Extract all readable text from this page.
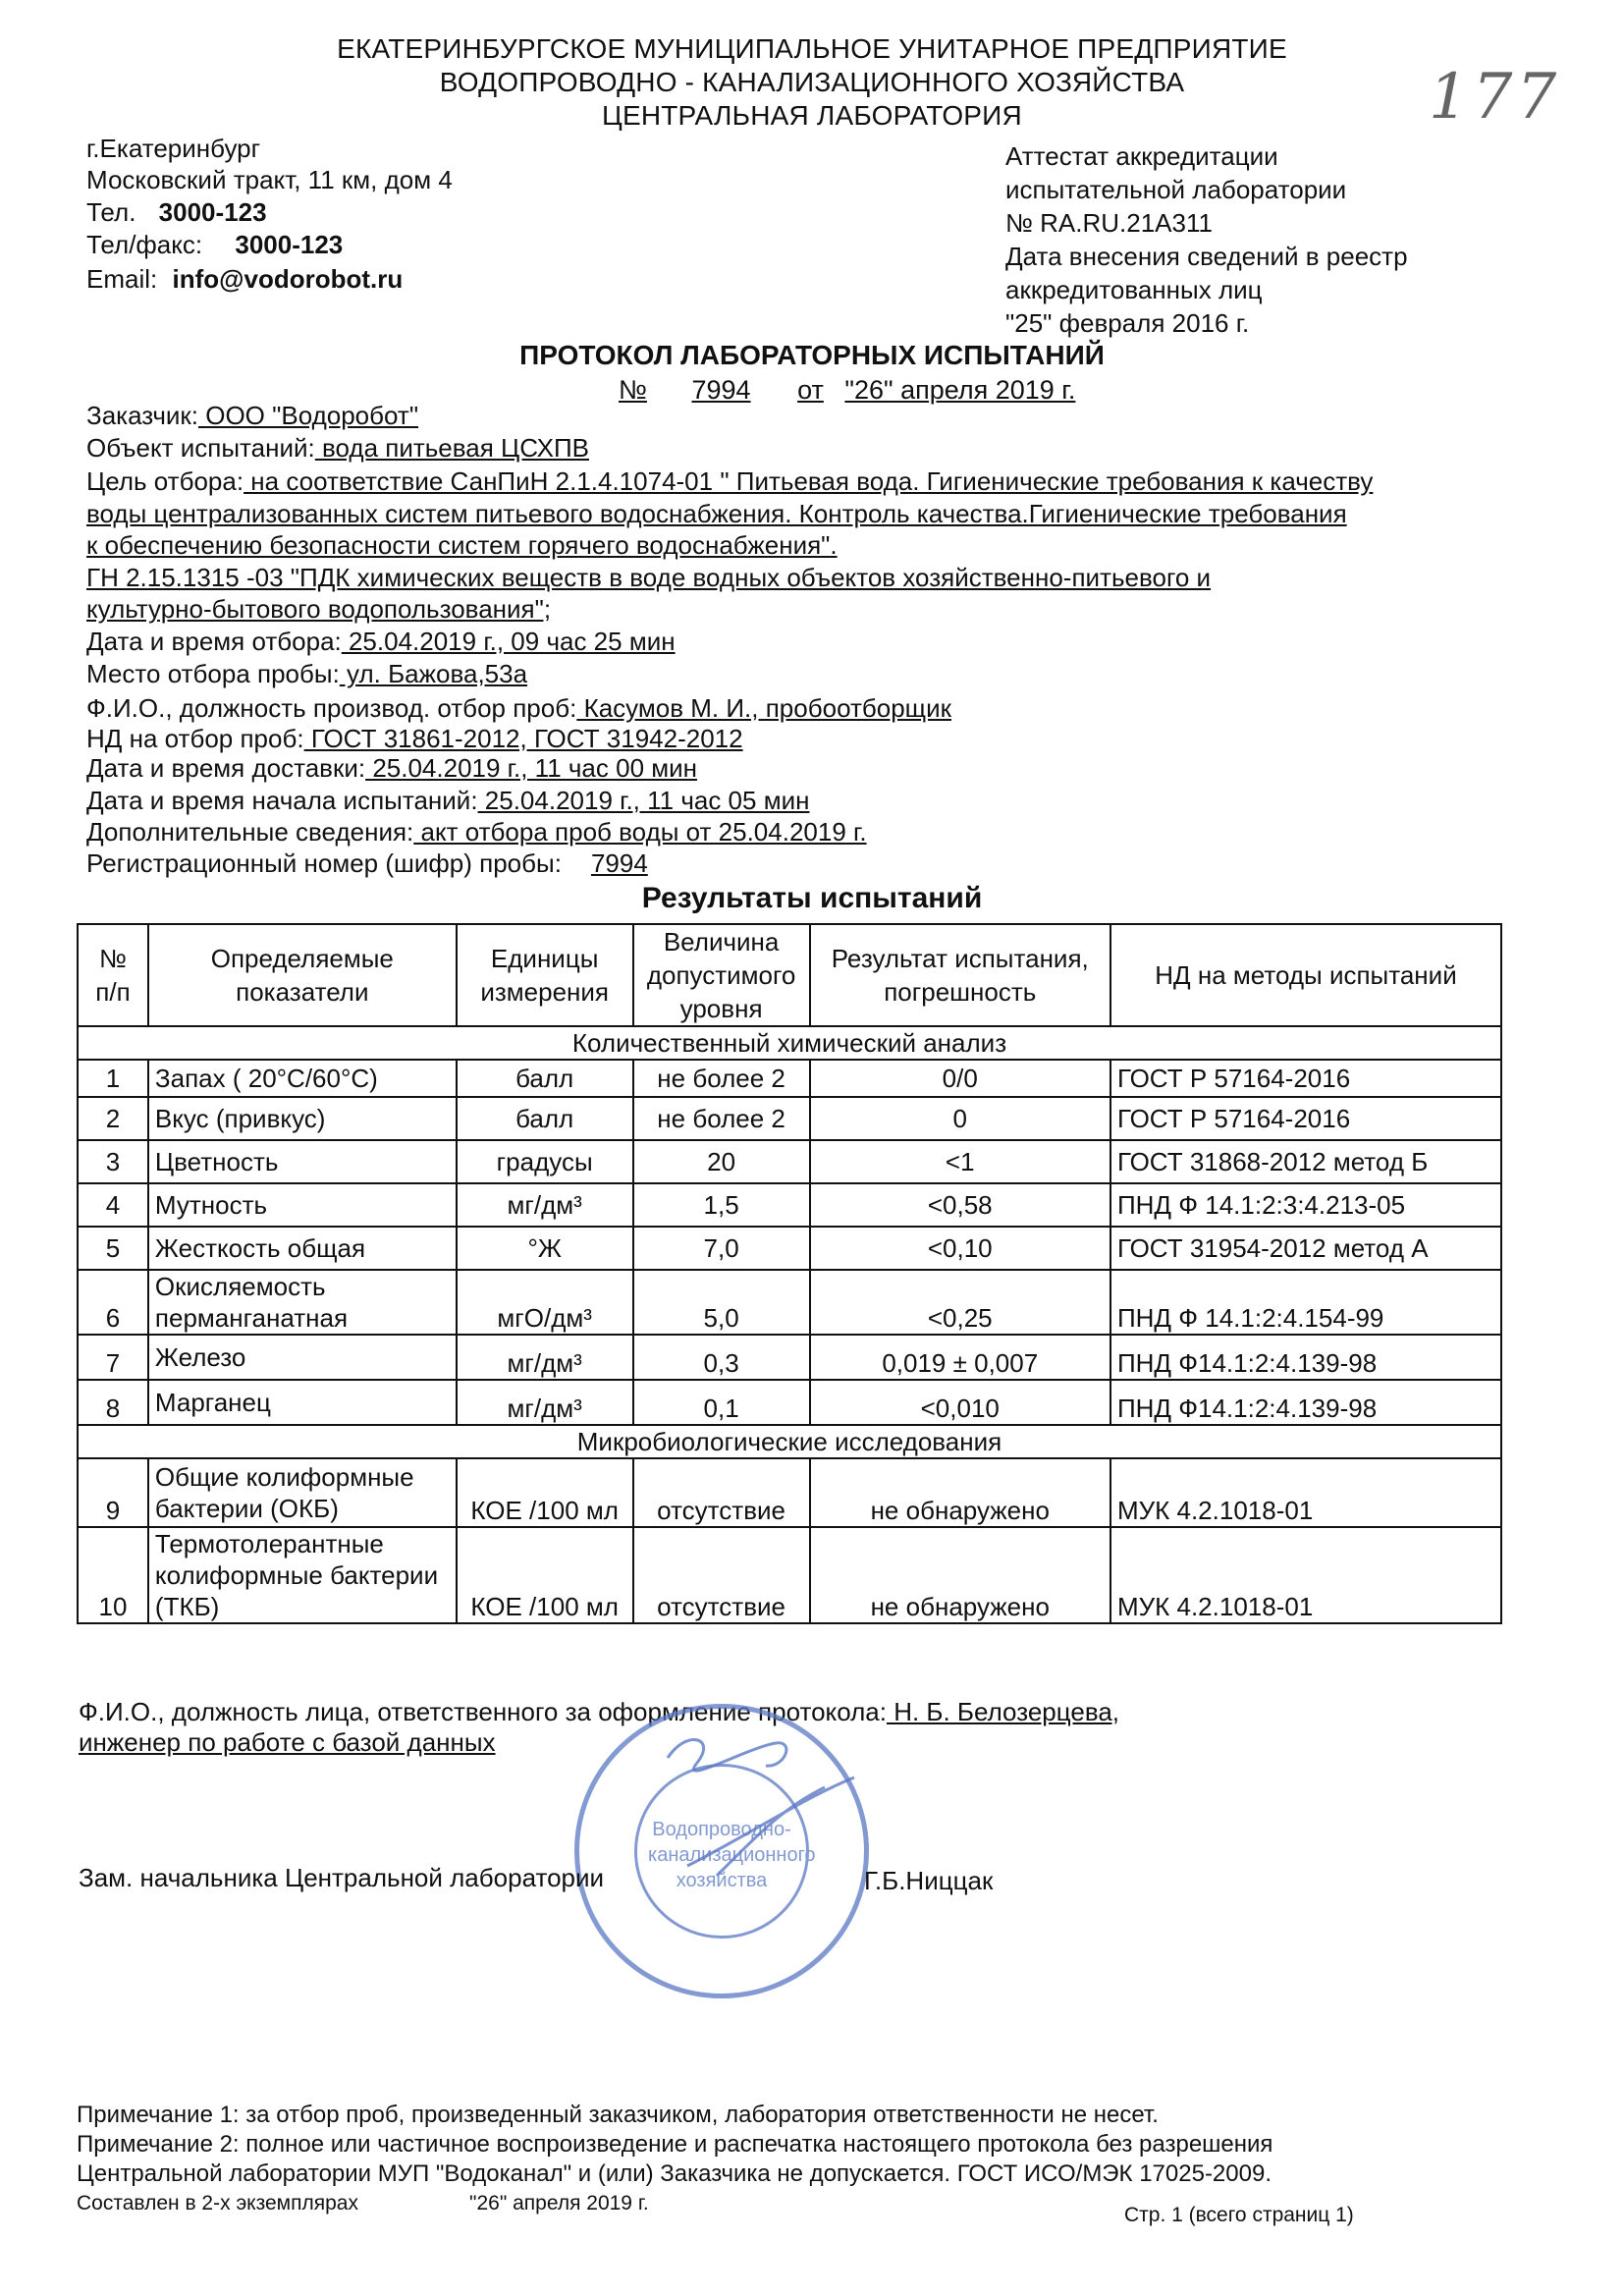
ЕКАТЕРИНБУРГСКОЕ МУНИЦИПАЛЬНОЕ УНИТАРНОЕ ПРЕДПРИЯТИЕ
ВОДОПРОВОДНО - КАНАЛИЗАЦИОННОГО ХОЗЯЙСТВА
ЦЕНТРАЛЬНАЯ ЛАБОРАТОРИЯ	177
г.Екатеринбург
Московский тракт, 11 км, дом 4
Тел. 3000-123
Тел/факс: 3000-123
Email: info@vodorobot.ru
Аттестат аккредитации
испытательной лаборатории
№ RA.RU.21A311
Дата внесения сведений в реестр
аккредитованных лиц
"25" февраля 2016 г.
ПРОТОКОЛ ЛАБОРАТОРНЫХ ИСПЫТАНИЙ
№ 7994 от "26" апреля 2019 г.
Заказчик: ООО "Водоробот"
Объект испытаний: вода питьевая ЦСХПВ
Цель отбора: на соответствие СанПиН 2.1.4.1074-01 " Питьевая вода. Гигиенические требования к качеству
воды централизованных систем питьевого водоснабжения. Контроль качества.Гигиенические требования
к обеспечению безопасности систем горячего водоснабжения".
ГН 2.15.1315 -03 "ПДК химических веществ в воде водных объектов хозяйственно-питьевого и
культурно-бытового водопользования";
Дата и время отбора: 25.04.2019 г., 09 час 25 мин
Место отбора пробы: ул. Бажова,53а
Ф.И.О., должность производ. отбор проб: Касумов М. И., пробоотборщик
НД на отбор проб: ГОСТ 31861-2012, ГОСТ 31942-2012
Дата и время доставки: 25.04.2019 г., 11 час 00 мин
Дата и время начала испытаний: 25.04.2019 г., 11 час 05 мин
Дополнительные сведения: акт отбора проб воды от 25.04.2019 г.
Регистрационный номер (шифр) пробы: 7994
Результаты испытаний
№ п/п	Определяемые показатели	Единицы измерения	Величина допустимого уровня	Результат испытания, погрешность	НД на методы испытаний
Количественный химический анализ					
1	Запах ( 20°С/60°С)	балл	не более 2	0/0	ГОСТ Р 57164-2016
2	Вкус (привкус)	балл	не более 2	0	ГОСТ Р 57164-2016
3	Цветность	градусы	20	<1	ГОСТ 31868-2012 метод Б
4	Мутность	мг/дм³	1,5	<0,58	ПНД Ф 14.1:2:3:4.213-05
5	Жесткость общая	°Ж	7,0	<0,10	ГОСТ 31954-2012 метод А
6	Окисляемость перманганатная	мгО/дм³	5,0	<0,25	ПНД Ф 14.1:2:4.154-99
7	Железо	мг/дм³	0,3	0,019 ± 0,007	ПНД Ф14.1:2:4.139-98
8	Марганец	мг/дм³	0,1	<0,010	ПНД Ф14.1:2:4.139-98
Микробиологические исследования					
9	Общие колиформные бактерии (ОКБ)	КОЕ /100 мл	отсутствие	не обнаружено	МУК 4.2.1018-01
10	Термотолерантные колиформные бактерии (ТКБ)	КОЕ /100 мл	отсутствие	не обнаружено	МУК 4.2.1018-01
Ф.И.О., должность лица, ответственного за оформление протокола: Н. Б. Белозерцева,
инженер по работе с базой данных
Водопроводно-канализационного хозяйства
Зам. начальника Центральной лаборатории	Г.Б.Ниццак
Примечание 1: за отбор проб, произведенный заказчиком, лаборатория ответственности не несет.
Примечание 2: полное или частичное воспроизведение и распечатка настоящего протокола без разрешения
Центральной лаборатории МУП "Водоканал" и (или) Заказчика не допускается. ГОСТ ИСО/МЭК 17025-2009.
Составлен в 2-х экземплярах	"26" апреля 2019 г.
Стр. 1 (всего страниц 1)
